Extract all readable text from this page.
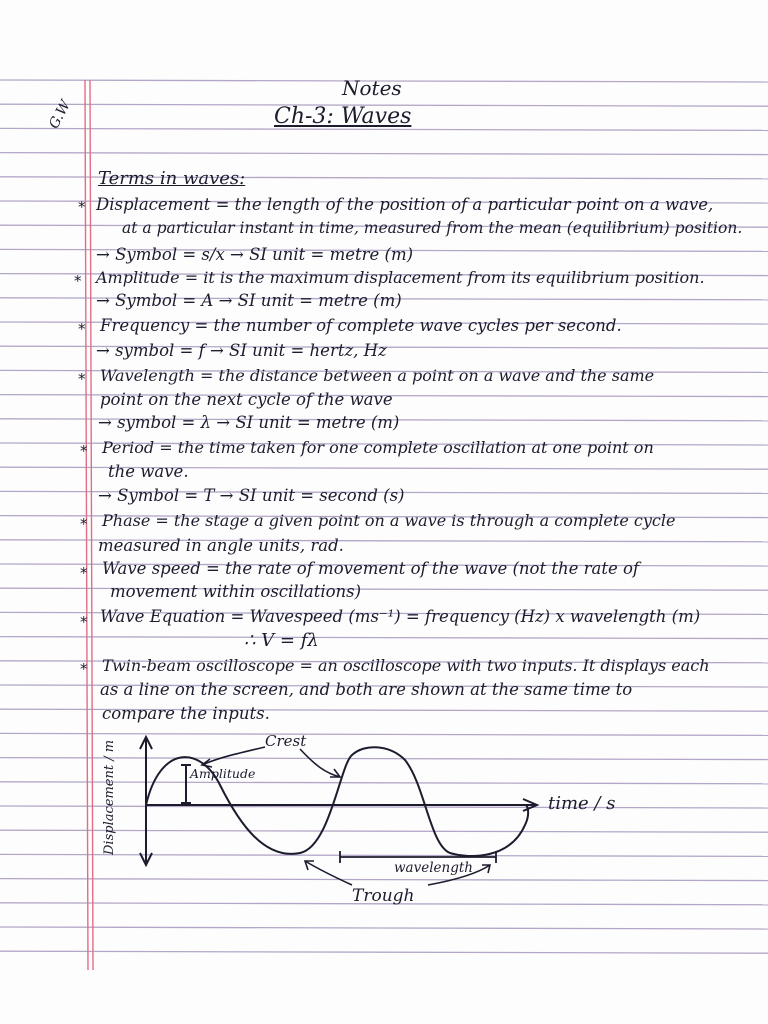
G.W
Notes
Ch-3: Waves
Terms in waves:
*
*
*
*
*
*
*
*
*
Displacement = the length of the position of a particular point on a wave,
at a particular instant in time, measured from the mean (equilibrium) position.
→ Symbol = s/x → SI unit = metre (m)
Amplitude = it is the maximum displacement from its equilibrium position.
→ Symbol = A → SI unit = metre (m)
Frequency = the number of complete wave cycles per second.
→ symbol = f → SI unit = hertz, Hz
Wavelength = the distance between a point on a wave and the same
point on the next cycle of the wave
→ symbol = λ → SI unit = metre (m)
Period = the time taken for one complete oscillation at one point on
the wave.
→ Symbol = T → SI unit = second (s)
Phase = the stage a given point on a wave is through a complete cycle
measured in angle units, rad.
Wave speed = the rate of movement of the wave (not the rate of
movement within oscillations)
Wave Equation = Wavespeed (ms⁻¹) = frequency (Hz) x wavelength (m)
∴ V = fλ
Twin-beam oscilloscope = an oscilloscope with two inputs. It displays each
as a line on the screen, and both are shown at the same time to
compare the inputs.
Displacement / m	time / s
Crest
Amplitude
wavelength
Trough
